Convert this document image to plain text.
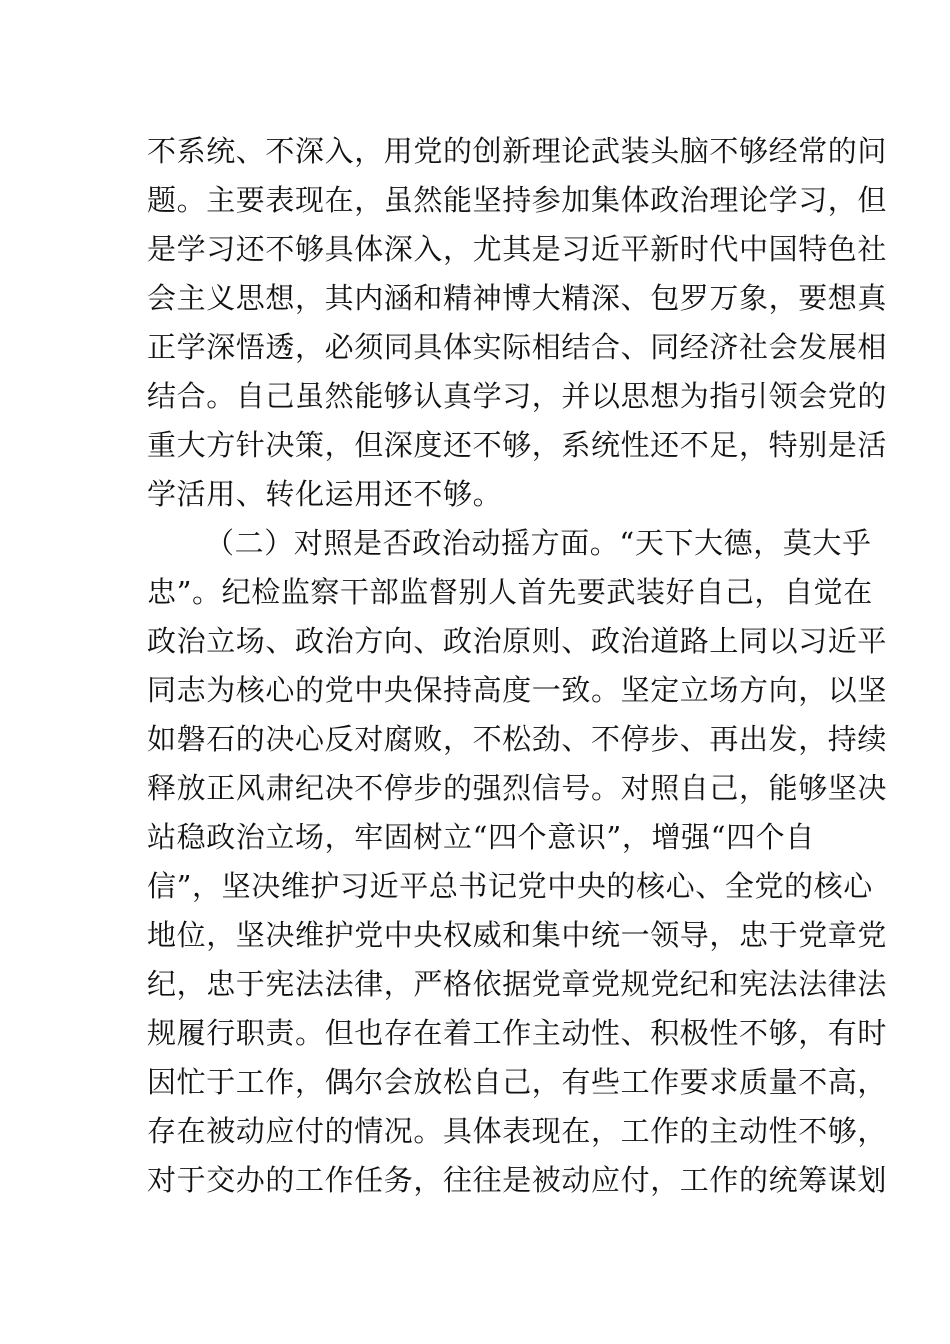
不系统、不深入，用党的创新理论武装头脑不够经常的问
题。主要表现在，虽然能坚持参加集体政治理论学习，但
是学习还不够具体深入，尤其是习近平新时代中国特色社
会主义思想，其内涵和精神博大精深、包罗万象，要想真
正学深悟透，必须同具体实际相结合、同经济社会发展相
结合。自己虽然能够认真学习，并以思想为指引领会党的
重大方针决策，但深度还不够，系统性还不足，特别是活
学活用、转化运用还不够。
（二）对照是否政治动摇方面。“天下大德，莫大乎
忠”。纪检监察干部监督别人首先要武装好自己，自觉在
政治立场、政治方向、政治原则、政治道路上同以习近平
同志为核心的党中央保持高度一致。坚定立场方向，以坚
如磐石的决心反对腐败，不松劲、不停步、再出发，持续
释放正风肃纪决不停步的强烈信号。对照自己，能够坚决
站稳政治立场，牢固树立“四个意识”，增强“四个自
信”，坚决维护习近平总书记党中央的核心、全党的核心
地位，坚决维护党中央权威和集中统一领导，忠于党章党
纪，忠于宪法法律，严格依据党章党规党纪和宪法法律法
规履行职责。但也存在着工作主动性、积极性不够，有时
因忙于工作，偶尔会放松自己，有些工作要求质量不高，
存在被动应付的情况。具体表现在，工作的主动性不够，
对于交办的工作任务，往往是被动应付，工作的统筹谋划
